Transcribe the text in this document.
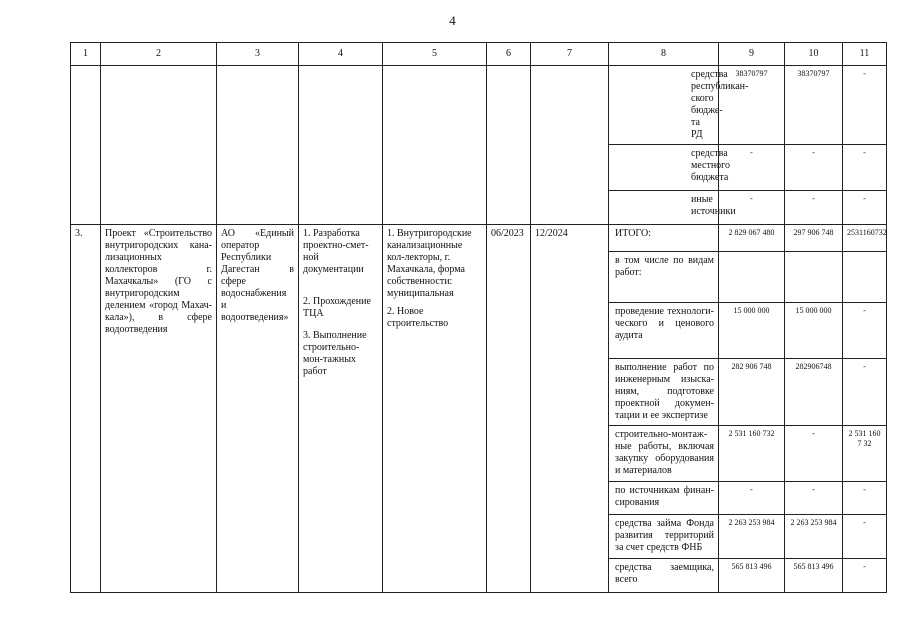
4
1	2	3	4	5	6	7	8	9	10	11
							средства республикан-ского бюдже-та РД	38370797	38370797	-
							средства местного бюджета	-	-	-
							иные источники	-	-	-
3.	Проект «Строительство внутригородских кана-лизационных коллекторов г. Махачкалы» (ГО с внутригородским делением «город Махач-кала»), в сфере водоотведения	АО «Единый оператор Республики Дагестан в сфере водоснабжения и водоотведения»	1. Разработка проектно-смет-ной документации
2. Прохождение ТЦА
3. Выполнение строительно-мон-тажных работ	1. Внутригородские канализационные кол-лекторы, г. Махачкала, форма собственности: муниципальная
2. Новое строительство	06/2023	12/2024	ИТОГО:	2 829 067 480	297 906 748	2531160732
							в том числе по видам работ:			
							проведение технологи-ческого и ценового аудита	15 000 000	15 000 000	-
							выполнение работ по инженерным изыска-ниям, подготовке проектной докумен-тации и ее экспертизе	282 906 748	282906748	-
							строительно-монтаж-ные работы, включая закупку оборудования и материалов	2 531 160 732	-	2 531 160 7 32
							по источникам финан-сирования	-	-	-
							средства займа Фонда развития территорий за счет средств ФНБ	2 263 253 984	2 263 253 984	-
							средства заемщика, всего	565 813 496	565 813 496	-
